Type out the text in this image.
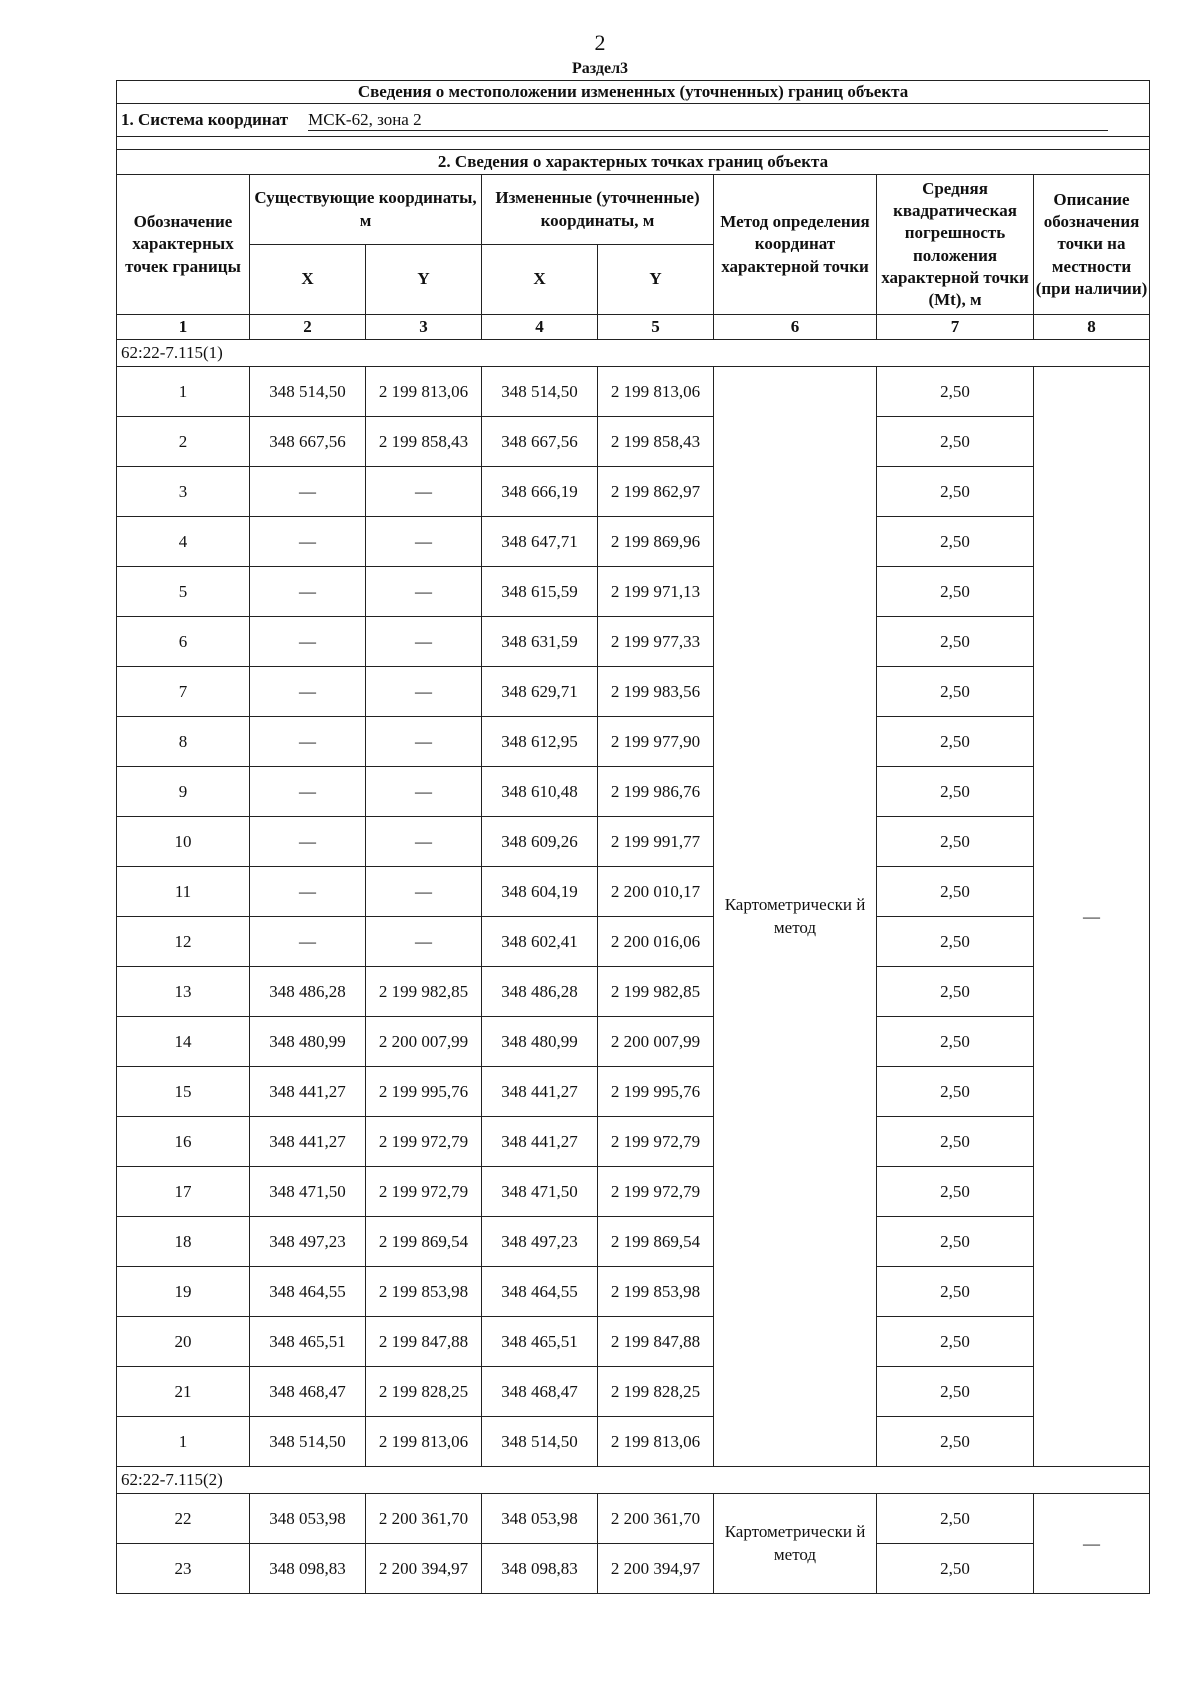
2
Раздел3
Сведения о местоположении измененных (уточненных) границ объекта							
1. Система координат МСК-62, зона 2							

2. Сведения о характерных точках границ объекта							
Обозначение характерных точек границы	Существующие координаты, м		Измененные (уточненные) координаты, м		Метод определения координат характерной точки	Средняя квадратическая погрешность положения характерной точки (Mt), м	Описание обозначения точки на местности (при наличии)
	X	Y	X	Y			
1	2	3	4	5	6	7	8
62:22-7.115(1)							
1	348 514,50	2 199 813,06	348 514,50	2 199 813,06	Картометрически й метод	2,50	—
2	348 667,56	2 199 858,43	348 667,56	2 199 858,43		2,50	
3	—	—	348 666,19	2 199 862,97		2,50	
4	—	—	348 647,71	2 199 869,96		2,50	
5	—	—	348 615,59	2 199 971,13		2,50	
6	—	—	348 631,59	2 199 977,33		2,50	
7	—	—	348 629,71	2 199 983,56		2,50	
8	—	—	348 612,95	2 199 977,90		2,50	
9	—	—	348 610,48	2 199 986,76		2,50	
10	—	—	348 609,26	2 199 991,77		2,50	
11	—	—	348 604,19	2 200 010,17		2,50	
12	—	—	348 602,41	2 200 016,06		2,50	
13	348 486,28	2 199 982,85	348 486,28	2 199 982,85		2,50	
14	348 480,99	2 200 007,99	348 480,99	2 200 007,99		2,50	
15	348 441,27	2 199 995,76	348 441,27	2 199 995,76		2,50	
16	348 441,27	2 199 972,79	348 441,27	2 199 972,79		2,50	
17	348 471,50	2 199 972,79	348 471,50	2 199 972,79		2,50	
18	348 497,23	2 199 869,54	348 497,23	2 199 869,54		2,50	
19	348 464,55	2 199 853,98	348 464,55	2 199 853,98		2,50	
20	348 465,51	2 199 847,88	348 465,51	2 199 847,88		2,50	
21	348 468,47	2 199 828,25	348 468,47	2 199 828,25		2,50	
1	348 514,50	2 199 813,06	348 514,50	2 199 813,06		2,50	
62:22-7.115(2)							
22	348 053,98	2 200 361,70	348 053,98	2 200 361,70	Картометрически й метод	2,50	—
23	348 098,83	2 200 394,97	348 098,83	2 200 394,97		2,50	
